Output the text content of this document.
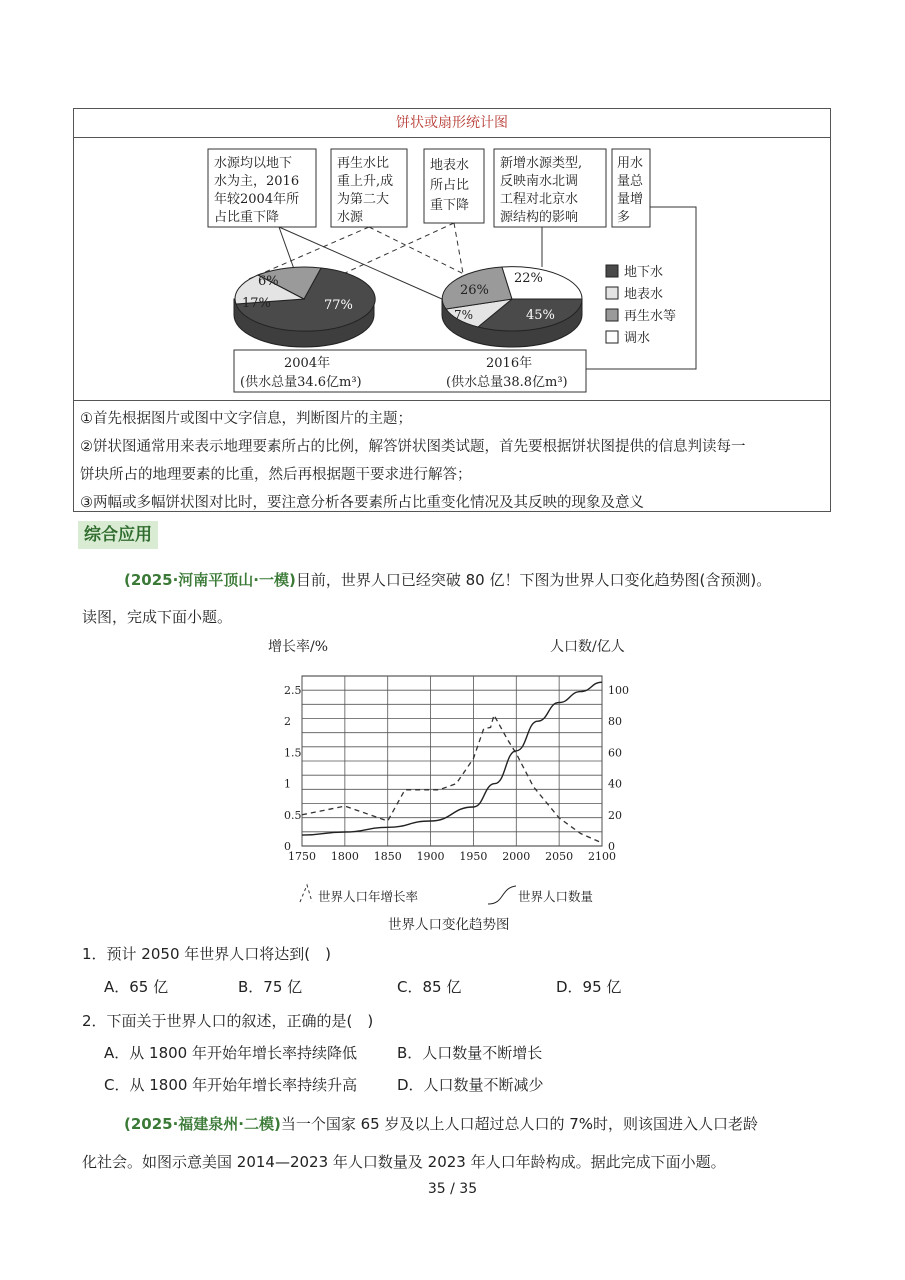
饼状或扇形统计图
水源均以地下
水为主，2016
年较2004年所
占比重下降
再生水比
重上升,成
为第二大
水源
地表水
所占比
重下降
新增水源类型,
反映南水北调
工程对北京水
源结构的影响
用水
量总
量增
多
77%
17%
6%
45%
7%
26%
22%	地下水
地表水
再生水等
调水
2004年
(供水总量34.6亿m³)
2016年
(供水总量38.8亿m³)
①首先根据图片或图中文字信息，判断图片的主题；
②饼状图通常用来表示地理要素所占的比例，解答饼状图类试题，首先要根据饼状图提供的信息判读每一
饼块所占的地理要素的比重，然后再根据题干要求进行解答；
③两幅或多幅饼状图对比时，要注意分析各要素所占比重变化情况及其反映的现象及意义
综合应用
(2025·河南平顶山·一模)目前，世界人口已经突破 80 亿！下图为世界人口变化趋势图(含预测)。
读图，完成下面小题。
1750 1800 1850 1900 1950 2000 2050 2100
0
0.5
1
1.5
2
2.5
0
20
40
60
80
100
增长率/%	人口数/亿人
世界人口年增长率	世界人口数量
世界人口变化趋势图
1．预计 2050 年世界人口将达到(　)
A．65 亿	B．75 亿	C．85 亿	D．95 亿
2．下面关于世界人口的叙述，正确的是(　)
A．从 1800 年开始年增长率持续降低	B．人口数量不断增长
C．从 1800 年开始年增长率持续升高	D．人口数量不断减少
(2025·福建泉州·二模)当一个国家 65 岁及以上人口超过总人口的 7%时，则该国进入人口老龄
化社会。如图示意美国 2014—2023 年人口数量及 2023 年人口年龄构成。据此完成下面小题。
35 / 35
